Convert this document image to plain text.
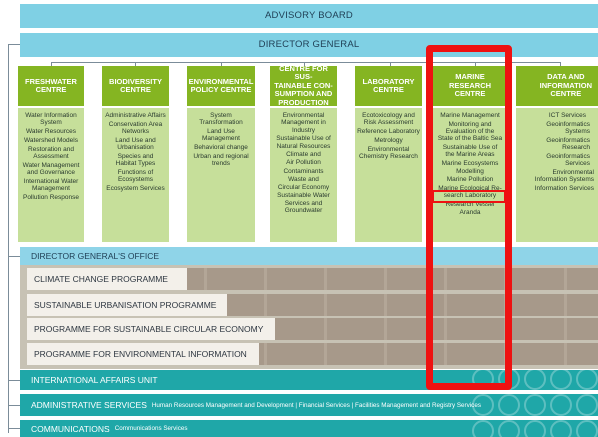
ADVISORY BOARD
DIRECTOR GENERAL
FRESHWATER
CENTRE
Water Information
System
Water Resources
Watershed Models
Restoration and
Assessment
Water Management
and Governance
International Water
Management
Pollution Response
BIODIVERSITY
CENTRE
Administrative Affairs
Conservation Area
Networks
Land Use and
Urbanisation
Species and
Habitat Types
Functions of
Ecosystems
Ecosystem Services
ENVIRONMENTAL
POLICY CENTRE
System
Transformation
Land Use
Management
Behavioral change
Urban and regional
trends
CENTRE FOR SUS-
TAINABLE CON-
SUMPTION AND
PRODUCTION
Environmental
Management in
Industry
Sustainable Use of
Natural Resources
Climate and
Air Pollution
Contaminants
Waste and
Circular Economy
Sustainable Water
Services and
Groundwater
LABORATORY
CENTRE
Ecotoxicology and
Risk Assessment
Reference Laboratory
Metrology
Environmental
Chemistry Research
MARINE
RESEARCH
CENTRE
Marine Management
Monitoring and
Evaluation of the
State of the Baltic Sea
Sustainable Use of
the Marine Areas
Marine Ecosystems
Modelling
Marine Pollution
Marine Ecological Re-
search Laboratory
Research Vessel
Aranda
DATA AND
INFORMATION
CENTRE
ICT Services
Geoinformatics
Systems
Geoinformatics
Research
Geoinformatics
Services
Environmental
Information Systems
Information Services
DIRECTOR GENERAL'S OFFICE
CLIMATE CHANGE PROGRAMME
SUSTAINABLE URBANISATION PROGRAMME
PROGRAMME FOR SUSTAINABLE CIRCULAR ECONOMY
PROGRAMME FOR ENVIRONMENTAL INFORMATION
INTERNATIONAL AFFAIRS UNIT
ADMINISTRATIVE SERVICES Human Resources Management and Development | Financial Services | Facilities Management and Registry Services
COMMUNICATIONS Communications Services
